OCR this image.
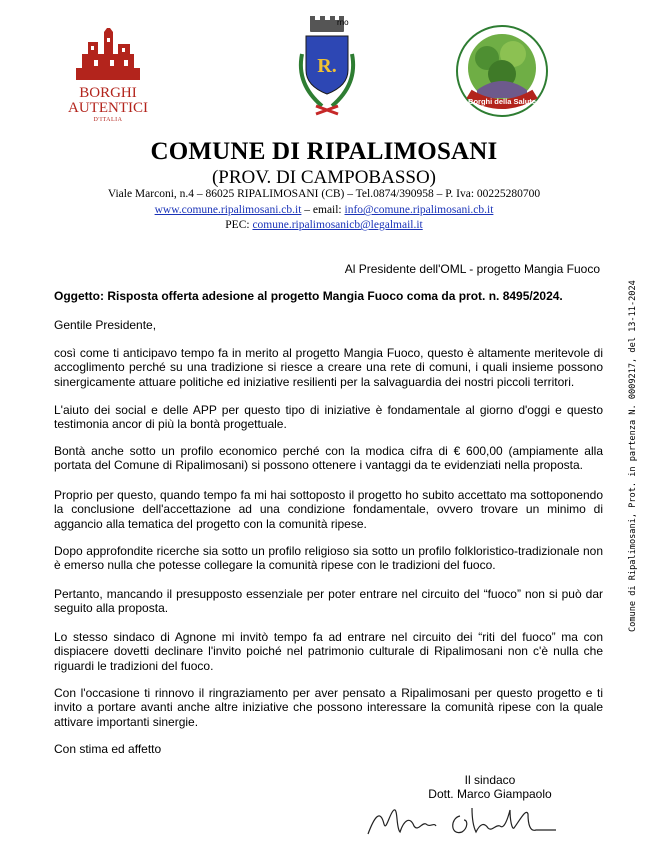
BORGHI
AUTENTICI
D'ITALIA
R.
rno
Borghi della Salute
COMUNE DI RIPALIMOSANI
(PROV. DI CAMPOBASSO)
Viale Marconi, n.4 – 86025 RIPALIMOSANI (CB) – Tel.0874/390958 – P. Iva: 00225280700
www.comune.ripalimosani.cb.it – email: info@comune.ripalimosani.cb.it
PEC: comune.ripalimosanicb@legalmail.it
Al Presidente dell'OML - progetto Mangia Fuoco
Oggetto: Risposta offerta adesione al progetto Mangia Fuoco coma da prot. n. 8495/2024.
Gentile Presidente,
così come ti anticipavo tempo fa in merito al progetto Mangia Fuoco, questo è altamente meritevole di accoglimento perché su una tradizione si riesce a creare una rete di comuni, i quali insieme possono sinergicamente attuare politiche ed iniziative resilienti per la salvaguardia dei nostri piccoli territori.
L'aiuto dei social e delle APP per questo tipo di iniziative è fondamentale al giorno d'oggi e questo testimonia ancor di più la bontà progettuale.
Bontà anche sotto un profilo economico perché con la modica cifra di € 600,00 (ampiamente alla portata del Comune di Ripalimosani) si possono ottenere i vantaggi da te evidenziati nella proposta.
Proprio per questo, quando tempo fa mi hai sottoposto il progetto ho subito accettato ma sottoponendo la conclusione dell'accettazione ad una condizione fondamentale, ovvero trovare un minimo di aggancio alla tematica del progetto con la comunità ripese.
Dopo approfondite ricerche sia sotto un profilo religioso sia sotto un profilo folkloristico-tradizionale non è emerso nulla che potesse collegare la comunità ripese con le tradizioni del fuoco.
Pertanto, mancando il presupposto essenziale per poter entrare nel circuito del “fuoco” non si può dar seguito alla proposta.
Lo stesso sindaco di Agnone mi invitò tempo fa ad entrare nel circuito dei “riti del fuoco” ma con dispiacere dovetti declinare l'invito poiché nel patrimonio culturale di Ripalimosani non c'è nulla che riguardi le tradizioni del fuoco.
Con l'occasione ti rinnovo il ringraziamento per aver pensato a Ripalimosani per questo progetto e ti invito a portare avanti anche altre iniziative che possono interessare la comunità ripese con la quale attivare importanti sinergie.
Con stima ed affetto
Il sindaco
Dott. Marco Giampaolo
Comune di Ripalimosani, Prot. in partenza N. 0009217, del 13-11-2024
